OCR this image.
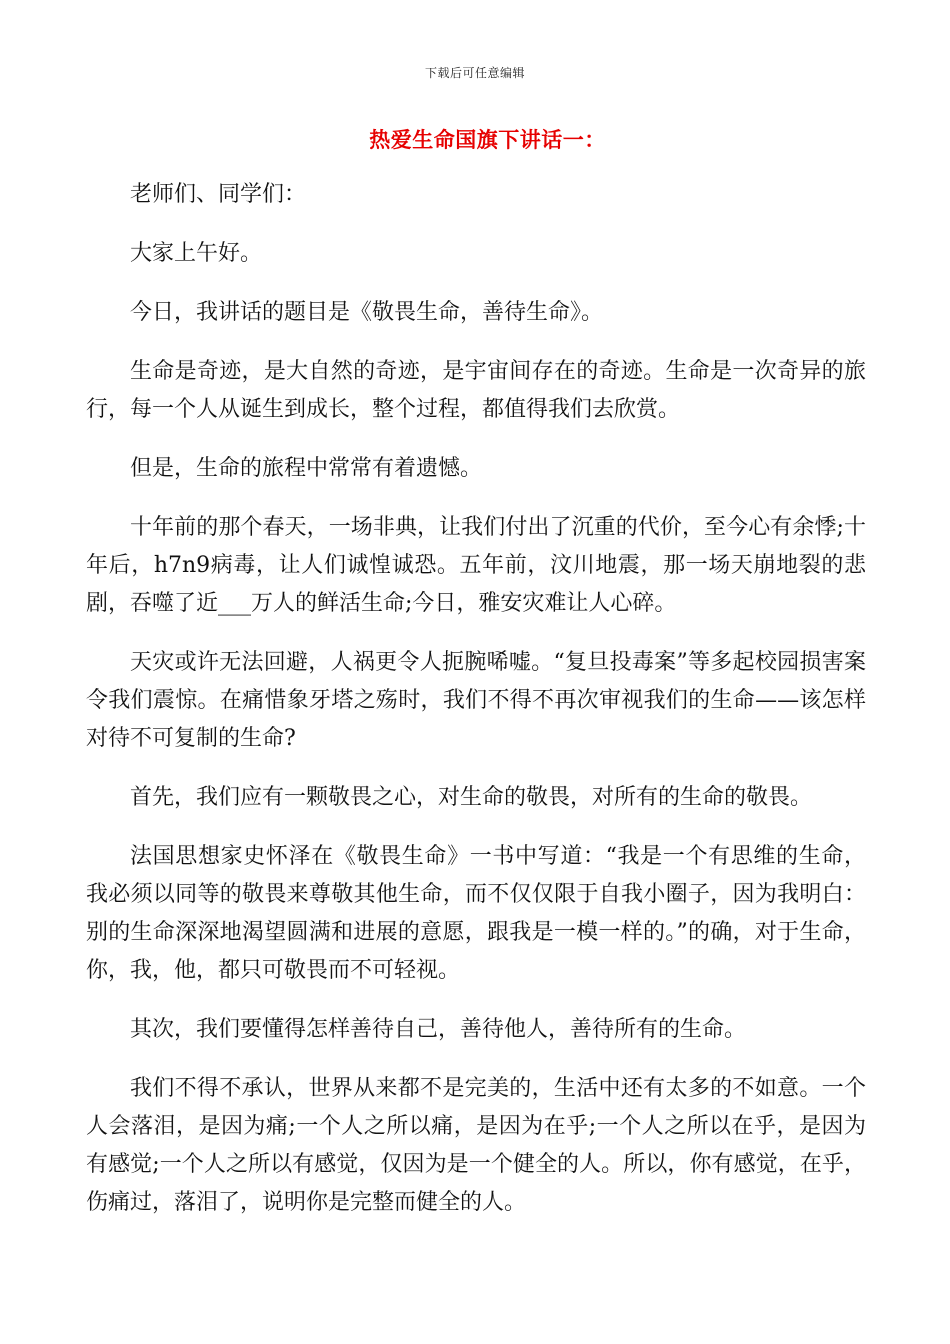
下载后可任意编辑
热爱生命国旗下讲话一：

老师们、同学们：

大家上午好。

今日，我讲话的题目是《敬畏生命，善待生命》。

生命是奇迹，是大自然的奇迹，是宇宙间存在的奇迹。生命是一次奇异的旅行，每一个人从诞生到成长，整个过程，都值得我们去欣赏。

但是，生命的旅程中常常有着遗憾。

十年前的那个春天，一场非典，让我们付出了沉重的代价，至今心有余悸;十年后，h7n9病毒，让人们诚惶诚恐。五年前，汶川地震，那一场天崩地裂的悲剧，吞噬了近___万人的鲜活生命;今日，雅安灾难让人心碎。

天灾或许无法回避，人祸更令人扼腕唏嘘。“复旦投毒案”等多起校园损害案令我们震惊。在痛惜象牙塔之殇时，我们不得不再次审视我们的生命——该怎样对待不可复制的生命?

首先，我们应有一颗敬畏之心，对生命的敬畏，对所有的生命的敬畏。

法国思想家史怀泽在《敬畏生命》一书中写道：“我是一个有思维的生命，我必须以同等的敬畏来尊敬其他生命，而不仅仅限于自我小圈子，因为我明白：别的生命深深地渴望圆满和进展的意愿，跟我是一模一样的。”的确，对于生命，你，我，他，都只可敬畏而不可轻视。

其次，我们要懂得怎样善待自己，善待他人，善待所有的生命。

我们不得不承认，世界从来都不是完美的，生活中还有太多的不如意。一个人会落泪，是因为痛;一个人之所以痛，是因为在乎;一个人之所以在乎，是因为有感觉;一个人之所以有感觉，仅因为是一个健全的人。所以，你有感觉，在乎，伤痛过，落泪了，说明你是完整而健全的人。
